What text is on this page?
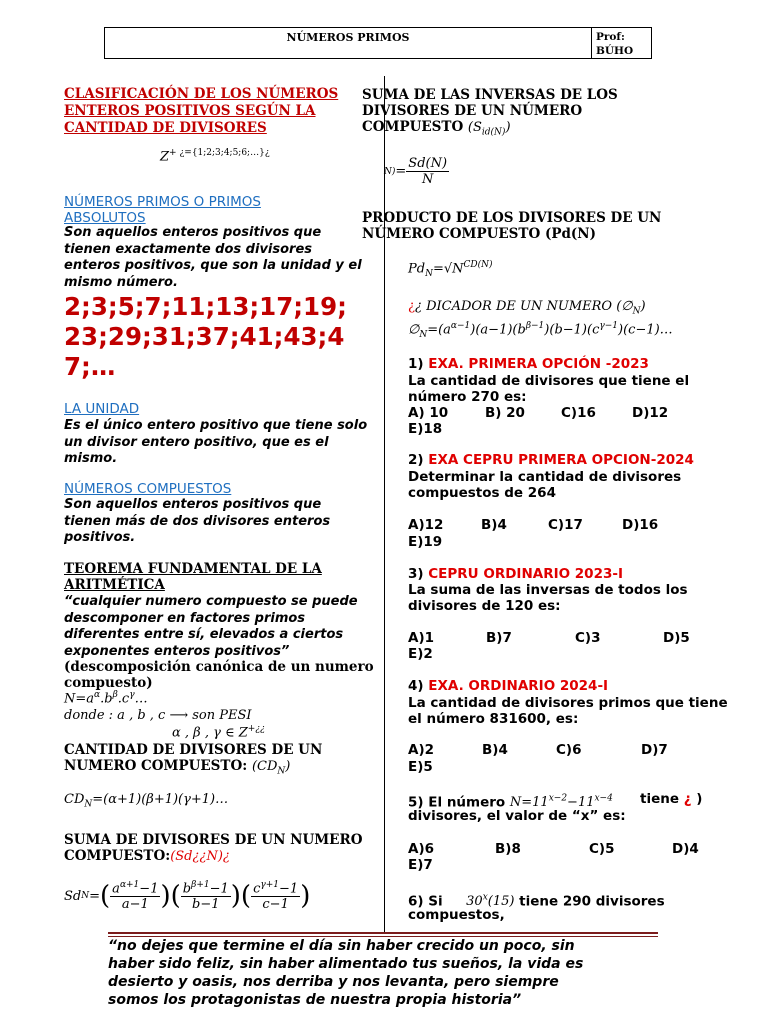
NÚMEROS PRIMOS	Prof:
BÚHO
CLASIFICACIÓN DE LOS NÚMEROS
ENTEROS POSITIVOS SEGÚN LA
CANTIDAD DE DIVISORES
$Z^{+ ¿=\{1;2;3;4;5;6;\dots\}¿}$
NÚMEROS PRIMOS O PRIMOS
ABSOLUTOS
Son aquellos enteros positivos que
tienen exactamente dos divisores
enteros positivos, que son la unidad y el
mismo número.
2;3;5;7;11;13;17;19;
23;29;31;37;41;43;4
7;…
LA UNIDAD
Es el único entero positivo que tiene solo
un divisor entero positivo, que es el
mismo.
NÚMEROS COMPUESTOS
Son aquellos enteros positivos que
tienen más de dos divisores enteros
positivos.
TEOREMA FUNDAMENTAL DE LA
ARITMÉTICA
“cualquier numero compuesto se puede
descomponer en factores primos
diferentes entre sí, elevados a ciertos
exponentes enteros positivos”
(descomposición canónica de un numero
compuesto)
$N=a^\alpha.b^\beta.c^\gamma\dots$
donde : a , b , c ⟶ son PESI
α , β , γ ∈ Z+¿¿
CANTIDAD DE DIVISORES DE UN
NUMERO COMPUESTO: $(CD_N)$
$CD_N=(\alpha+1)(\beta+1)(\gamma+1)\dots$
SUMA DE DIVISORES DE UN NUMERO
COMPUESTO:(Sd¿¿N)¿
Sd N = ( $\frac{a^{\alpha+1}-1}{a-1}$ ) ( $\frac{b^{\beta+1}-1}{b-1}$ ) ( $\frac{c^{\gamma+1}-1}{c-1}$ )
SUMA DE LAS INVERSAS DE LOS
DIVISORES DE UN NÚMERO
COMPUESTO $(S_{id(N)})$
$N) = \frac{Sd(N)}{N}$
PRODUCTO DE LOS DIVISORES DE UN
NÚMERO COMPUESTO (Pd(N)
$Pd_N=√N^{CD(N)}$
¿¿ DICADOR DE UN NUMERO $(\emptyset_N)$
$\emptyset_N=(a^{\alpha-1})(a-1)(b^{\beta-1})(b-1)(c^{\gamma-1})(c-1)\dots$
1) EXA. PRIMERA OPCIÓN -2023
La cantidad de divisores que tiene el
número 270 es:
A) 10	B) 20	C)16	D)12
E)18
2) EXA CEPRU PRIMERA OPCION-2024
Determinar la cantidad de divisores
compuestos de 264
A)12	B)4	C)17	D)16
E)19
3) CEPRU ORDINARIO 2023-I
La suma de las inversas de todos los
divisores de 120 es:
A)1	B)7	C)3	D)5
E)2
4) EXA. ORDINARIO 2024-I
La cantidad de divisores primos que tiene
el número 831600, es:
A)2	B)4	C)6	D)7
E)5
5) El número $N=11^{x-2}-11^{x-4}$ tiene ¿ )
divisores, el valor de “x” es:
A)6	B)8	C)5	D)4
E)7
6) Si     30$^x$(15) tiene 290 divisores
compuestos,
“no dejes que termine el día sin haber crecido un poco, sin
haber sido feliz, sin haber alimentado tus sueños, la vida es
desierto y oasis, nos derriba y nos levanta, pero siempre
somos los protagonistas de nuestra propia historia”
